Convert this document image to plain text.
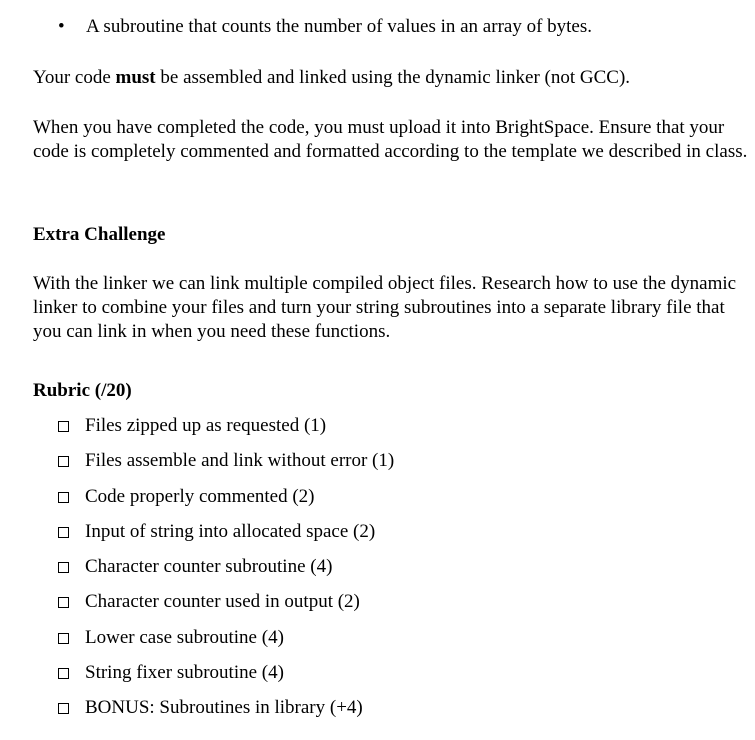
•	A subroutine that counts the number of values in an array of bytes.

Your code must be assembled and linked using the dynamic linker (not GCC).

When you have completed the code, you must upload it into BrightSpace. Ensure that your code is completely commented and formatted according to the template we described in class.

Extra Challenge

With the linker we can link multiple compiled object files. Research how to use the dynamic linker to combine your files and turn your string subroutines into a separate library file that you can link in when you need these functions.

Rubric (/20)

Files zipped up as requested (1)
Files assemble and link without error (1)
Code properly commented (2)
Input of string into allocated space (2)
Character counter subroutine (4)
Character counter used in output (2)
Lower case subroutine (4)
String fixer subroutine (4)
BONUS: Subroutines in library (+4)
